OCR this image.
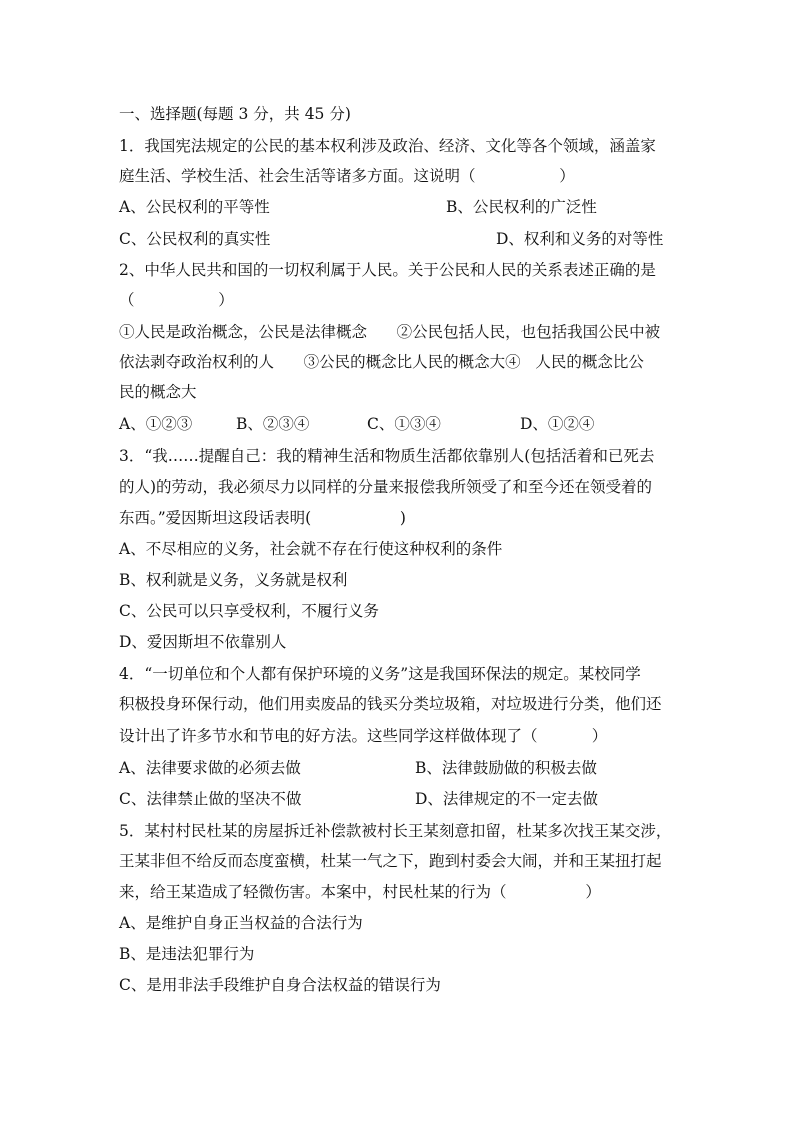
一、选择题(每题 3 分，共 45 分)
1．我国宪法规定的公民的基本权利涉及政治、经济、文化等各个领域，涵盖家
庭生活、学校生活、社会生活等诸多方面。这说明（                 ）
A、公民权利的平等性	B、公民权利的广泛性
C、公民权利的真实性	D、权利和义务的对等性
2、中华人民共和国的一切权利属于人民。关于公民和人民的关系表述正确的是
（                 ）
①人民是政治概念，公民是法律概念      ②公民包括人民，也包括我国公民中被
依法剥夺政治权利的人      ③公民的概念比人民的概念大④   人民的概念比公
民的概念大
A、①②③	B、②③④	C、①③④	D、①②④
3．“我……提醒自己：我的精神生活和物质生活都依靠别人(包括活着和已死去
的人)的劳动，我必须尽力以同样的分量来报偿我所领受了和至今还在领受着的
东西。”爱因斯坦这段话表明(                  )
A、不尽相应的义务，社会就不存在行使这种权利的条件
B、权利就是义务，义务就是权利
C、公民可以只享受权利，不履行义务
D、爱因斯坦不依靠别人
4．“一切单位和个人都有保护环境的义务”这是我国环保法的规定。某校同学
积极投身环保行动，他们用卖废品的钱买分类垃圾箱，对垃圾进行分类，他们还
设计出了许多节水和节电的好方法。这些同学这样做体现了（           ）
A、法律要求做的必须去做	B、法律鼓励做的积极去做
C、法律禁止做的坚决不做	D、法律规定的不一定去做
5．某村村民杜某的房屋拆迁补偿款被村长王某刻意扣留，杜某多次找王某交涉，
王某非但不给反而态度蛮横，杜某一气之下，跑到村委会大闹，并和王某扭打起
来，给王某造成了轻微伤害。本案中，村民杜某的行为（                ）
A、是维护自身正当权益的合法行为
B、是违法犯罪行为
C、是用非法手段维护自身合法权益的错误行为
